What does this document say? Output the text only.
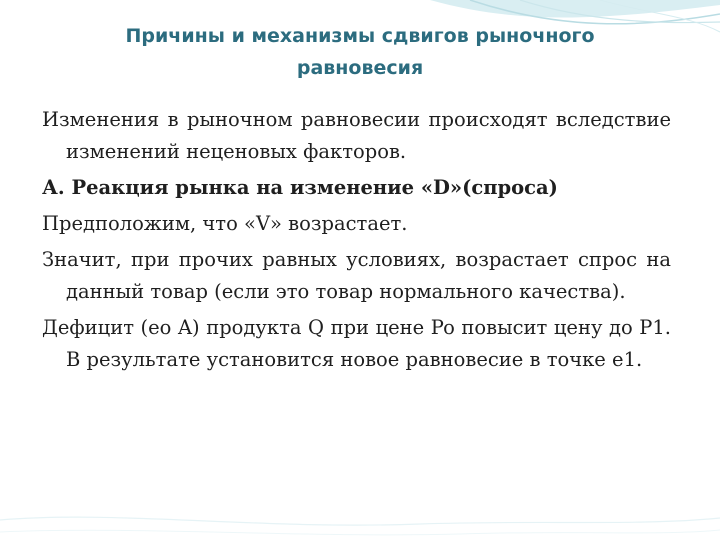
Причины и механизмы сдвигов рыночного равновесия

Изменения в рыночном равновесии происходят вследствие изменений неценовых факторов.

А. Реакция рынка на изменение «D»(спроса)

Предположим, что «V» возрастает.

Значит, при прочих равных условиях, возрастает спрос на данный товар (если это товар нормального качества).

Дефицит (eo A) продукта Q при цене Po повысит цену до P1. В результате установится новое равновесие в точке e1.
